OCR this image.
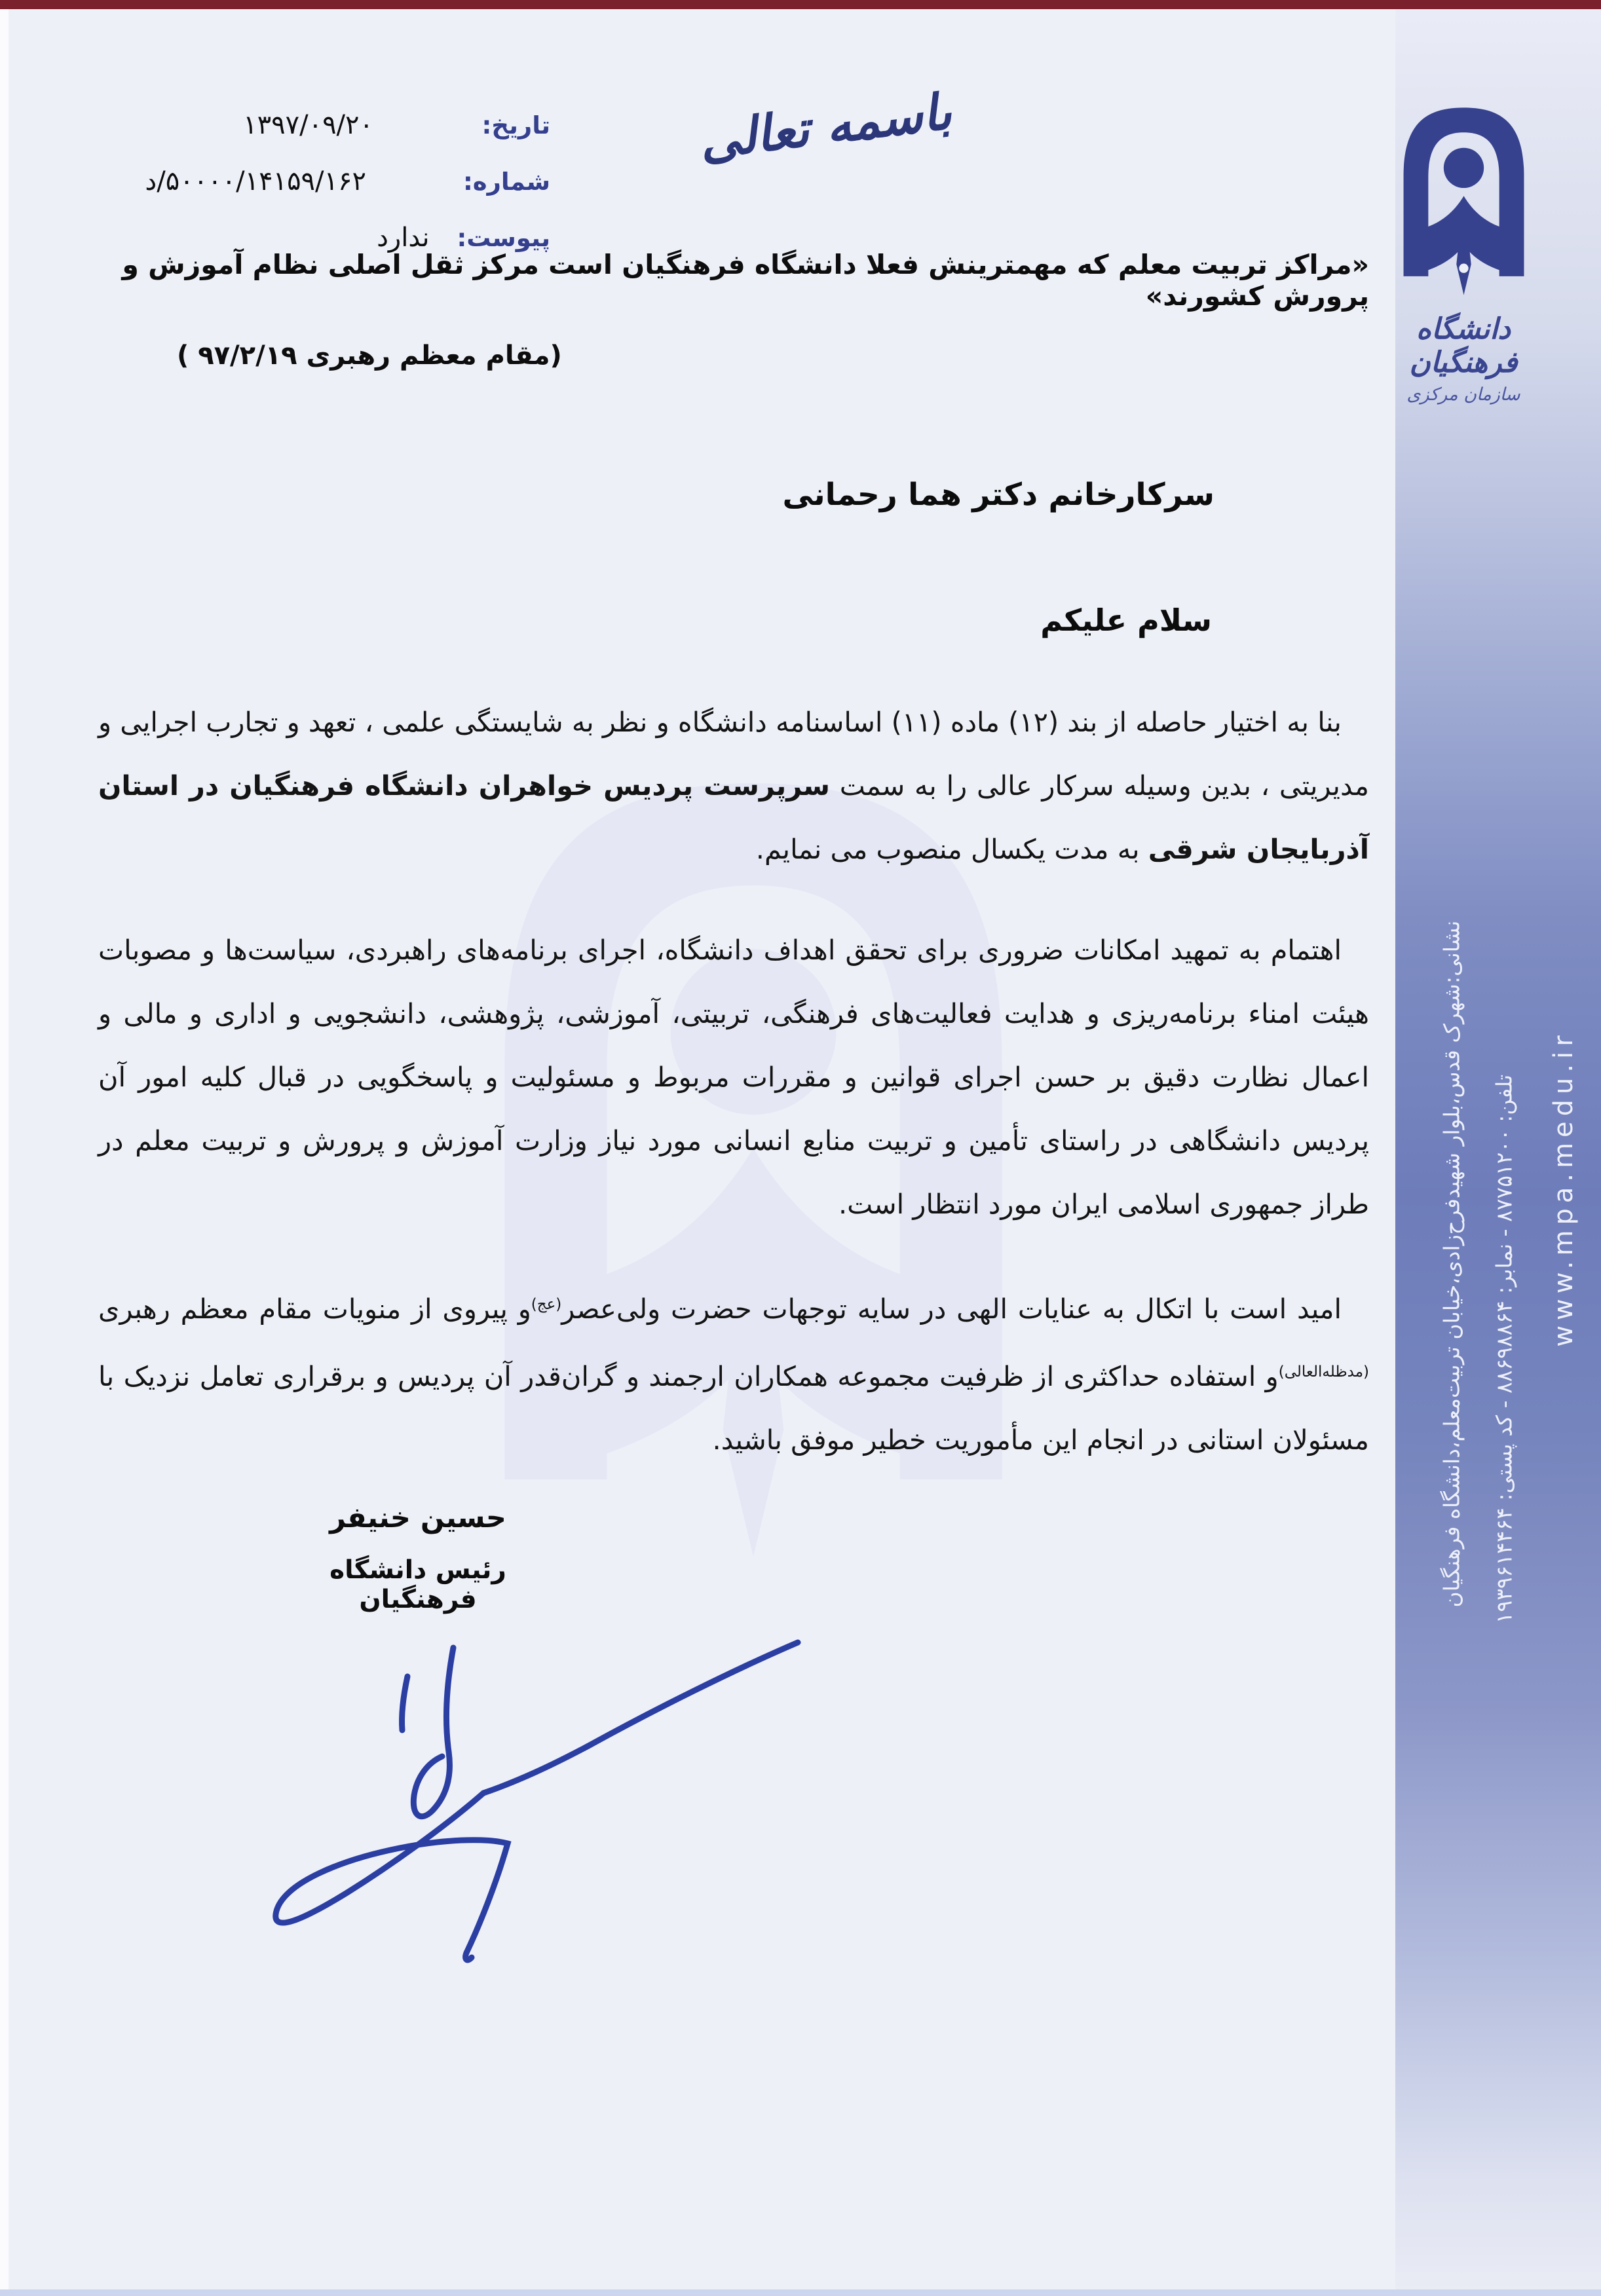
دانشگاه فرهنگیان
سازمان مرکزی
باسمه تعالی
تاریخ:
۱۳۹۷/۰۹/۲۰
شماره:
د/۵۰۰۰۰/۱۴۱۵۹/۱۶۲
پیوست:
ندارد
«مراکز تربیت معلم که مهمترینش فعلا دانشگاه فرهنگیان است مرکز ثقل اصلی نظام آموزش و پرورش کشورند»
(مقام معظم رهبری ۹۷/۲/۱۹ )
سرکارخانم دکتر هما رحمانی
سلام علیکم

بنا به اختیار حاصله از بند (۱۲) ماده (۱۱) اساسنامه دانشگاه و نظر به شایستگی علمی ، تعهد و تجارب اجرایی و مدیریتی ، بدین وسیله سرکار عالی را به سمت سرپرست پردیس خواهران دانشگاه فرهنگیان در استان آذربایجان شرقی به مدت یکسال منصوب می نمایم.

اهتمام به تمهید امکانات ضروری برای تحقق اهداف دانشگاه، اجرای برنامه‌های راهبردی، سیاست‌ها و مصوبات هیئت امناء برنامه‌ریزی و هدایت فعالیت‌های فرهنگی، تربیتی، آموزشی، پژوهشی، دانشجویی و اداری و مالی و اعمال نظارت دقیق بر حسن اجرای قوانین و مقررات مربوط و مسئولیت و پاسخگویی در قبال کلیه امور آن پردیس دانشگاهی در راستای تأمین و تربیت منابع انسانی مورد نیاز وزارت آموزش و پرورش و تربیت معلم در طراز جمهوری اسلامی ایران مورد انتظار است.

امید است با اتکال به عنایات الهی در سایه توجهات حضرت ولی‌عصر$^{(عج)}$و پیروی از منویات مقام معظم رهبری $^{(مدظله‌العالی)}$و استفاده حداکثری از ظرفیت مجموعه همکاران ارجمند و گران‌قدر آن پردیس و برقراری تعامل نزدیک با مسئولان استانی در انجام این مأموریت خطیر موفق باشید.

حسین خنیفر
رئیس دانشگاه فرهنگیان	نشانی:شهرک قدس،بلوار شهیدفرح‌زادی،خیابان تربیت‌معلم،دانشگاه فرهنگیان تلفن: ۸۷۷۵۱۲۰۰ - نمابر: ۸۸۶۹۸۸۶۴ - کد پستی: ۱۹۳۹۶۱۴۴۶۴ www.mpa.medu.ir
